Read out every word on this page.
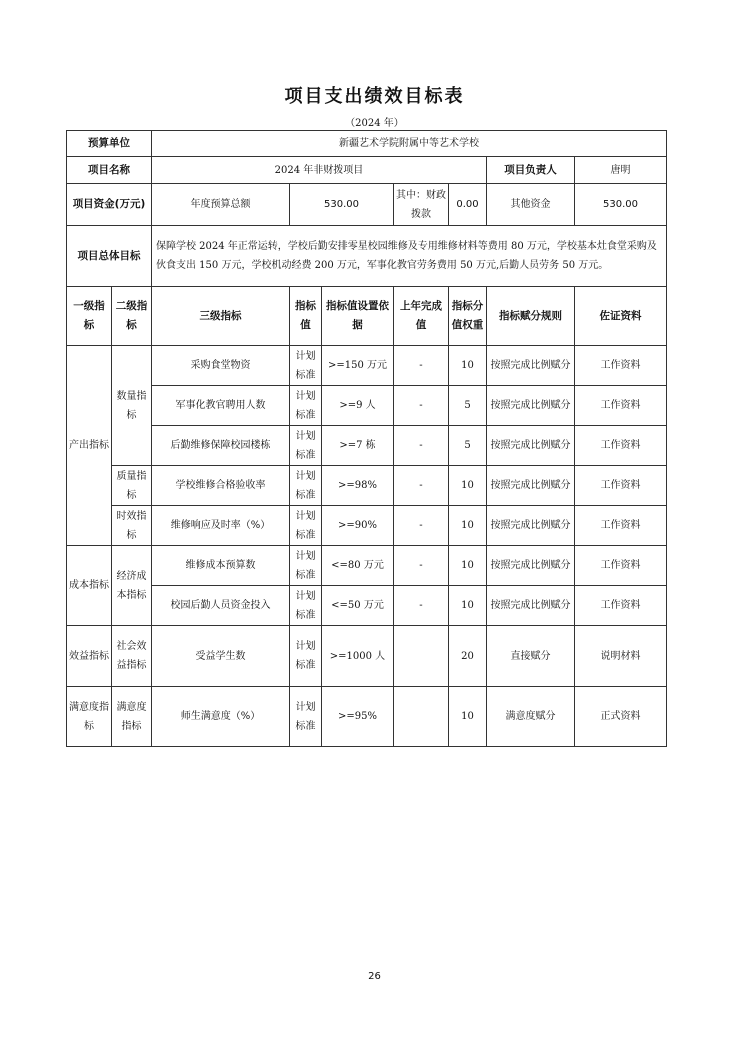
项目支出绩效目标表
（2024 年）
预算单位		新疆艺术学院附属中等艺术学校						
项目名称		2024 年非财拨项目					项目负责人	唐明
项目资金(万元)		年度预算总额	530.00		其中：财政拨款	0.00	其他资金	530.00
项目总体目标		保障学校 2024 年正常运转，学校后勤安排零星校园维修及专用维修材料等费用 80 万元，学校基本灶食堂采购及伙食支出 150 万元，学校机动经费 200 万元，军事化教官劳务费用 50 万元,后勤人员劳务 50 万元。						
一级指标	二级指标	三级指标	指标值	指标值设置依据	上年完成值	指标分值权重	指标赋分规则	佐证资料
产出指标	数量指标	采购食堂物资	计划标准	>=150 万元	-	10	按照完成比例赋分	工作资料
		军事化教官聘用人数	计划标准	>=9 人	-	5	按照完成比例赋分	工作资料
		后勤维修保障校园楼栋	计划标准	>=7 栋	-	5	按照完成比例赋分	工作资料
	质量指标	学校维修合格验收率	计划标准	>=98%	-	10	按照完成比例赋分	工作资料
	时效指标	维修响应及时率（%）	计划标准	>=90%	-	10	按照完成比例赋分	工作资料
成本指标	经济成本指标	维修成本预算数	计划标准	<=80 万元	-	10	按照完成比例赋分	工作资料
		校园后勤人员资金投入	计划标准	<=50 万元	-	10	按照完成比例赋分	工作资料
效益指标	社会效益指标	受益学生数	计划标准	>=1000 人		20	直接赋分	说明材料
满意度指标	满意度指标	师生满意度（%）	计划标准	>=95%		10	满意度赋分	正式资料
26
